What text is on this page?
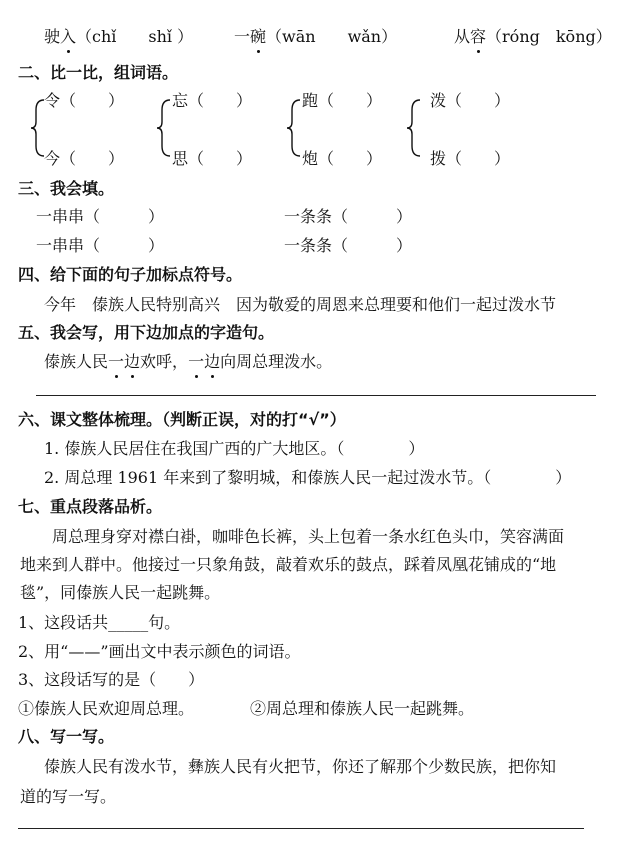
驶入（chǐ　　shǐ ）	一碗（wān　　wǎn）	从容（róng　kōng）
二、比一比，组词语。
令（　　）
今（　　）
忘（　　）
思（　　）
跑（　　）
炮（　　）
泼（　　）
拨（　　）
三、我会填。
一串串（　　　）	一条条（　　　）
一串串（　　　）	一条条（　　　）
四、给下面的句子加标点符号。
今年　傣族人民特别高兴　因为敬爱的周恩来总理要和他们一起过泼水节
五、我会写，用下边加点的字造句。
傣族人民一边欢呼，一边向周总理泼水。
六、课文整体梳理。（判断正误，对的打“√”）
1. 傣族人民居住在我国广西的广大地区。（　　　　）
2. 周总理 1961 年来到了黎明城，和傣族人民一起过泼水节。（　　　　）
七、重点段落品析。
周总理身穿对襟白褂，咖啡色长裤，头上包着一条水红色头巾，笑容满面
地来到人群中。他接过一只象角鼓，敲着欢乐的鼓点，踩着凤凰花铺成的“地
毯”，同傣族人民一起跳舞。
1、这段话共_____句。
2、用“——”画出文中表示颜色的词语。
3、这段话写的是（　　）
①傣族人民欢迎周总理。	②周总理和傣族人民一起跳舞。
八、写一写。
傣族人民有泼水节，彝族人民有火把节，你还了解那个少数民族，把你知
道的写一写。
